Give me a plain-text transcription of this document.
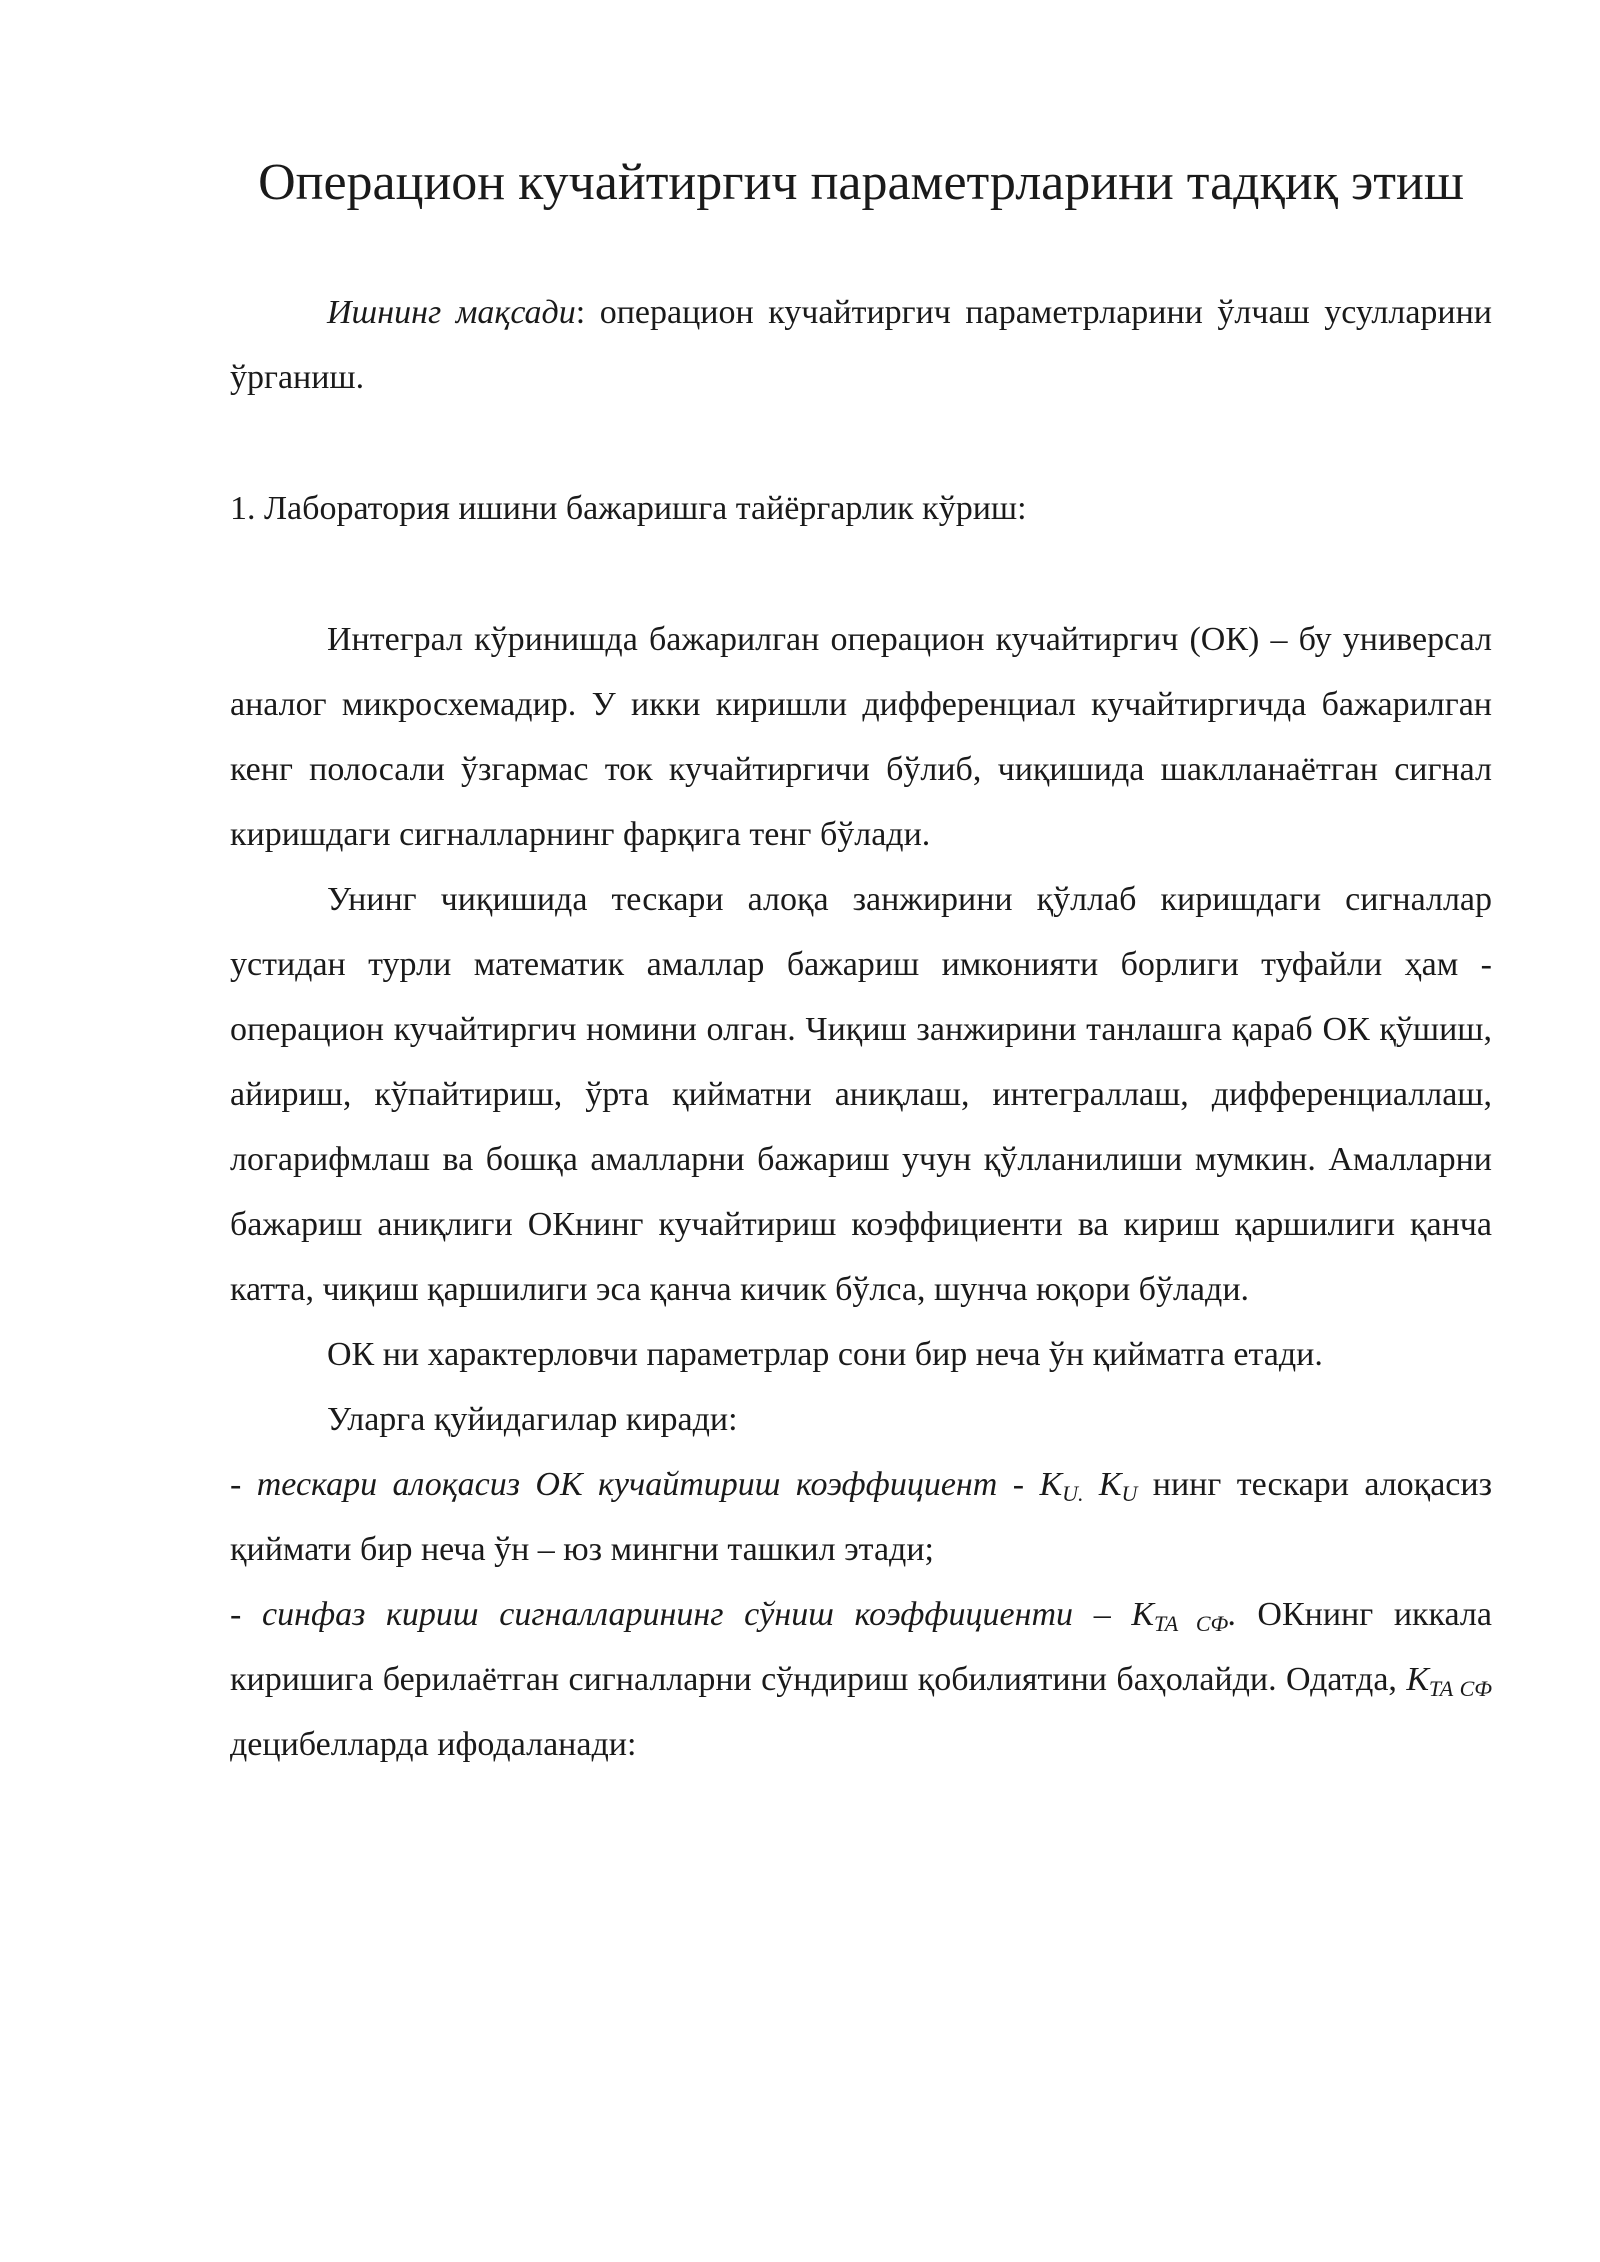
Операцион кучайтиргич параметрларини тадқиқ этиш

Ишнинг мақсади: операцион кучайтиргич параметрларини ўлчаш усулларини ўрганиш.

1. Лаборатория ишини бажаришга тайёргарлик кўриш:

Интеграл кўринишда бажарилган операцион кучайтиргич (ОК) – бу универсал аналог микросхемадир. У икки киришли дифференциал кучайтиргичда бажарилган кенг полосали ўзгармас ток кучайтиргичи бўлиб, чиқишида шаклланаётган сигнал киришдаги сигналларнинг фарқига тенг бўлади.

Унинг чиқишида тескари алоқа занжирини қўллаб киришдаги сигналлар устидан турли математик амаллар бажариш имконияти борлиги туфайли ҳам - операцион кучайтиргич номини олган. Чиқиш занжирини танлашга қараб ОК қўшиш, айириш, кўпайтириш, ўрта қийматни аниқлаш, интеграллаш, дифференциаллаш, логарифмлаш ва бошқа амалларни бажариш учун қўлланилиши мумкин. Амалларни бажариш аниқлиги ОКнинг кучайтириш коэффициенти ва кириш қаршилиги қанча катта, чиқиш қаршилиги эса қанча кичик бўлса, шунча юқори бўлади.

ОК ни характерловчи параметрлар сони бир неча ўн қийматга етади.

Уларга қуйидагилар киради:

- тескари алоқасиз ОК кучайтириш коэффициент - $К_{U.}$ $К_U$ нинг тескари алоқасиз қиймати бир неча ўн – юз мингни ташкил этади;

- синфаз кириш сигналларининг сўниш коэффициенти – $К_{ТА СФ}$. ОКнинг иккала киришига берилаётган сигналларни сўндириш қобилиятини баҳолайди. Одатда, $К_{ТА СФ}$ децибелларда ифодаланади:
